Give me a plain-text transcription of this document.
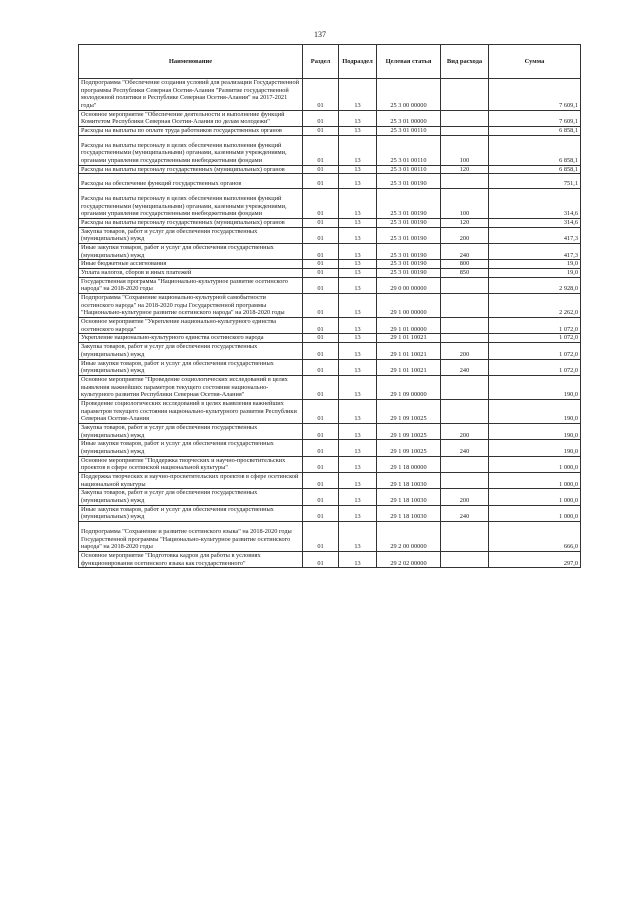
137
Наименование	Раздел	Подраздел	Целевая статья	Вид расхода	Сумма
Подпрограмма "Обеспечение создания условий для реализации Государственной программы Республики Северная Осетия-Алания "Развитие государственной молодежной политики в Республике Северная Осетия-Алания" на 2017-2021 годы"	01	13	25 3 00 00000		7 609,1
Основное мероприятие "Обеспечение деятельности и выполнение функций Комитетом Республики Северная Осетия-Алания по делам молодежи"	01	13	25 3 01 00000		7 609,1
Расходы на выплаты по оплате труда работников государственных органов	01	13	25 3 01 00110		6 858,1

Расходы на выплаты персоналу в целях обеспечения выполнения функций государственными (муниципальными) органами, казенными учреждениями, органами управления государственными внебюджетными фондами	01	13	25 3 01 00110	100	6 858,1
Расходы на выплаты персоналу государственных (муниципальных) органов	01	13	25 3 01 00110	120	6 858,1

Расходы на обеспечение функций государственных органов	01	13	25 3 01 00190		751,1

Расходы на выплаты персоналу в целях обеспечения выполнения функций государственными (муниципальными) органами, казенными учреждениями, органами управления государственными внебюджетными фондами	01	13	25 3 01 00190	100	314,6
Расходы на выплаты персоналу государственных (муниципальных) органов	01	13	25 3 01 00190	120	314,6
Закупка товаров, работ и услуг для обеспечения государственных (муниципальных) нужд	01	13	25 3 01 00190	200	417,3
Иные закупки товаров, работ и услуг для обеспечения государственных (муниципальных) нужд	01	13	25 3 01 00190	240	417,3
Иные бюджетные ассигнования	01	13	25 3 01 00190	800	19,0
Уплата налогов, сборов и иных платежей	01	13	25 3 01 00190	850	19,0
Государственная программа "Национально-культурное развитие осетинского народа" на 2018-2020 годы	01	13	29 0 00 00000		2 928,0
Подпрограмма "Сохранение национально-культурной самобытности осетинского народа" на 2018-2020 годы Государственной программы "Национально-культурное развитие осетинского народа" на 2018-2020 годы	01	13	29 1 00 00000		2 262,0
Основное мероприятие "Укрепление национально-культурного единства осетинского народа"	01	13	29 1 01 00000		1 072,0
Укрепление национально-культурного единства осетинского народа	01	13	29 1 01 10021		1 072,0
Закупка товаров, работ и услуг для обеспечения государственных (муниципальных) нужд	01	13	29 1 01 10021	200	1 072,0
Иные закупки товаров, работ и услуг для обеспечения государственных (муниципальных) нужд	01	13	29 1 01 10021	240	1 072,0
Основное мероприятие "Проведение социологических исследований в целях выявления важнейших параметров текущего состояния национально-культурного развития Республики Северная Осетия-Алания"	01	13	29 1 09 00000		190,0
Проведение социологических исследований в целях выявления важнейших параметров текущего состояния национально-культурного развития Республики Северная Осетия-Алания	01	13	29 1 09 10025		190,0
Закупка товаров, работ и услуг для обеспечения государственных (муниципальных) нужд	01	13	29 1 09 10025	200	190,0
Иные закупки товаров, работ и услуг для обеспечения государственных (муниципальных) нужд	01	13	29 1 09 10025	240	190,0
Основное мероприятие "Поддержка творческих и научно-просветительских проектов в сфере осетинской национальной культуры"	01	13	29 1 18 00000		1 000,0
Поддержка творческих и научно-просветительских проектов в сфере осетинской национальной культуры	01	13	29 1 18 10030		1 000,0
Закупка товаров, работ и услуг для обеспечения государственных (муниципальных) нужд	01	13	29 1 18 10030	200	1 000,0
Иные закупки товаров, работ и услуг для обеспечения государственных (муниципальных) нужд	01	13	29 1 18 10030	240	1 000,0

Подпрограмма "Сохранение и развитие осетинского языка" на 2018-2020 годы Государственной программы "Национально-культурное развитие осетинского народа" на 2018-2020 годы	01	13	29 2 00 00000		666,0
Основное мероприятие "Подготовка кадров для работы в условиях функционирования осетинского языка как государственного"	01	13	29 2 02 00000		297,0
